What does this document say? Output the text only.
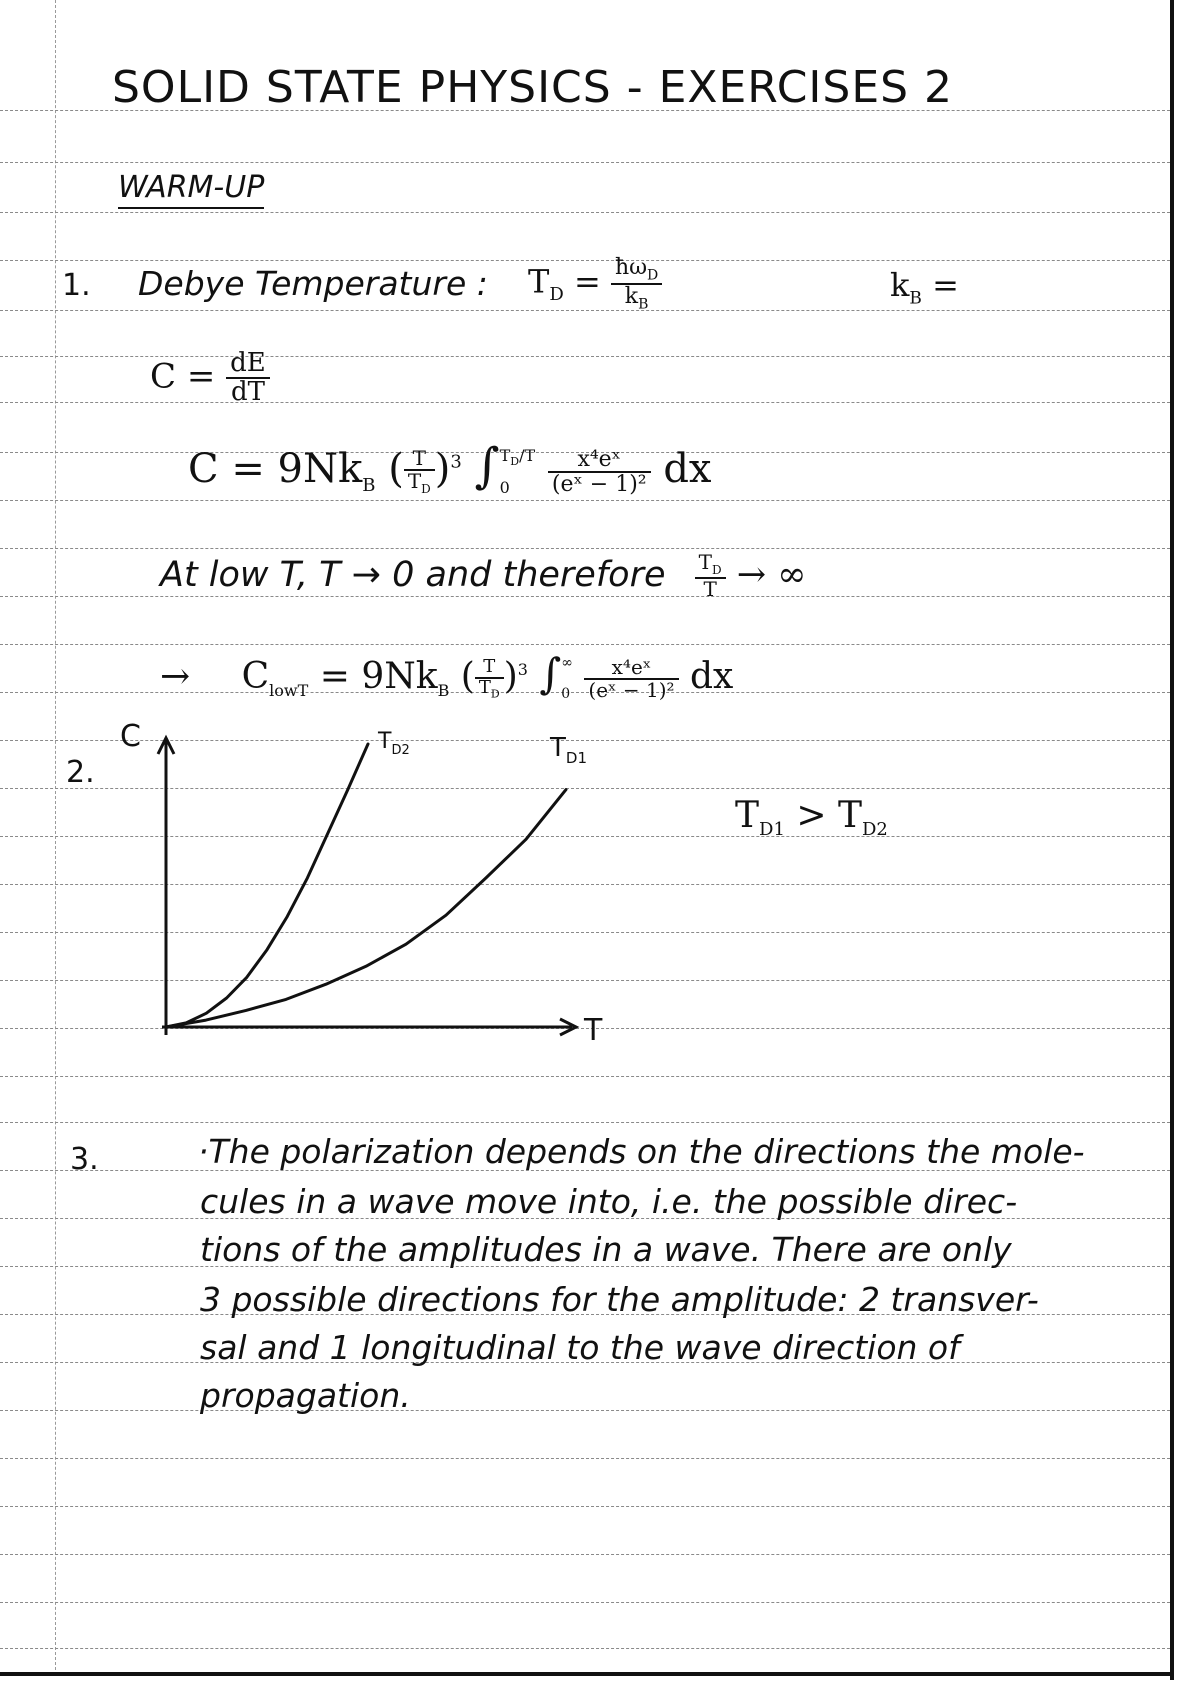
SOLID STATE PHYSICS - EXERCISES 2
WARM-UP
1. Debye Temperature : $T_D = \frac{ħ\omega_D}{k_B}$	$k_B$ =
$C = \frac{dE}{dT}$
$C = 9Nk_B$ ( $\frac{T}{T_D} )^3$ ∫ $T_D/T$
0
	$\frac{\text{x⁴eˣ}}{\text{(eˣ − 1)²}}$ dx
At low T, T → 0 and therefore $\frac{T_D}{T}$ → ∞
→ $C_{lowT} = 9Nk_B$ ( $\frac{T}{T_D} )^3$ ∫ ∞
0
$\frac{\text{x⁴eˣ}}{\text{(eˣ − 1)²}}$ dx
2.
C
T
$T_{D2}$	$T_{D1}$
$T_{D1} > T_{D2}$
3.	·The polarization depends on the directions the mole-
cules in a wave move into, i.e. the possible direc-
tions of the amplitudes in a wave. There are only
3 possible directions for the amplitude: 2 transver-
sal and 1 longitudinal to the wave direction of
propagation.
